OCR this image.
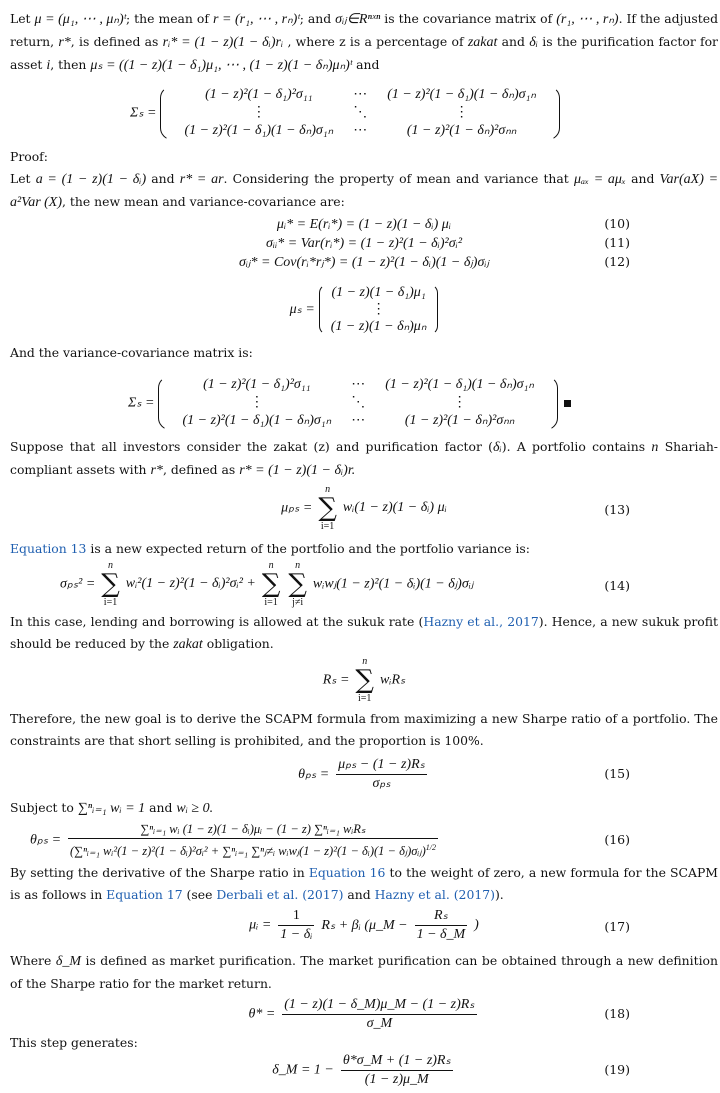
Let μ = (μ₁, ⋯ , μₙ)ᵗ; the mean of r = (r₁, ⋯ , rₙ)ᵗ; and σᵢⱼ∈Rⁿˣⁿ is the covariance matrix of (r₁, ⋯ , rₙ). If the adjusted return, r*, is defined as rᵢ* = (1 − z)(1 − δᵢ)rᵢ , where z is a percentage of zakat and δᵢ is the purification factor for asset i, then μₛ = ((1 − z)(1 − δ₁)μ₁, ⋯ , (1 − z)(1 − δₙ)μₙ)ᵗ and

Σₛ =
(1 − z)²(1 − δ₁)²σ₁₁	⋯	(1 − z)²(1 − δ₁)(1 − δₙ)σ₁ₙ
⋮	⋱	⋮
(1 − z)²(1 − δ₁)(1 − δₙ)σ₁ₙ	⋯	(1 − z)²(1 − δₙ)²σₙₙ

Proof:

Let a = (1 − z)(1 − δᵢ) and r* = ar. Considering the property of mean and variance that μₐₓ = aμₓ and Var(aX) = a²Var (X), the new mean and variance-covariance are:

μᵢ* = E(rᵢ*) = (1 − z)(1 − δᵢ) μᵢ	(10)
σᵢᵢ* = Var(rᵢ*) = (1 − z)²(1 − δᵢ)²σᵢ²	(11)
σᵢⱼ* = Cov(rᵢ*rⱼ*) = (1 − z)²(1 − δᵢ)(1 − δⱼ)σᵢⱼ	(12)
μₛ =
(1 − z)(1 − δ₁)μ₁
⋮
(1 − z)(1 − δₙ)μₙ

And the variance-covariance matrix is:

Σₛ =
(1 − z)²(1 − δ₁)²σ₁₁	⋯	(1 − z)²(1 − δ₁)(1 − δₙ)σ₁ₙ
⋮	⋱	⋮
(1 − z)²(1 − δ₁)(1 − δₙ)σ₁ₙ	⋯	(1 − z)²(1 − δₙ)²σₙₙ

Suppose that all investors consider the zakat (z) and purification factor (δᵢ). A portfolio contains n Shariah-compliant assets with r*, defined as r* = (1 − z)(1 − δᵢ)r.

μₚₛ =
n
∑
i=1
wᵢ(1 − z)(1 − δᵢ) μᵢ	(13)

Equation 13 is a new expected return of the portfolio and the portfolio variance is:

σₚₛ² =
n
∑
i=1
wᵢ²(1 − z)²(1 − δᵢ)²σᵢ² +
n
∑
i=1

n
∑
j≠i
wᵢwⱼ(1 − z)²(1 − δᵢ)(1 − δⱼ)σᵢⱼ	(14)

In this case, lending and borrowing is allowed at the sukuk rate (Hazny et al., 2017). Hence, a new sukuk profit should be reduced by the zakat obligation.

Rₛ =
n
∑
i=1
wᵢRₛ

Therefore, the new goal is to derive the SCAPM formula from maximizing a new Sharpe ratio of a portfolio. The constraints are that short selling is prohibited, and the proportion is 100%.

$\theta_{ps} = \frac{\text{μₚₛ − (1 − z)Rₛ}}{\text{σₚₛ}}$	(15)

Subject to ∑ⁿᵢ₌₁ wᵢ = 1 and wᵢ ≥ 0.

θₚₛ =
∑ⁿᵢ₌₁ wᵢ (1 − z)(1 − δᵢ)μᵢ − (1 − z) ∑ⁿᵢ₌₁ wᵢRₛ
(∑ⁿᵢ₌₁ wᵢ²(1 − z)²(1 − δᵢ)²σᵢ² + ∑ⁿᵢ₌₁ ∑ⁿⱼ≠ᵢ wᵢwⱼ(1 − z)²(1 − δᵢ)(1 − δⱼ)σᵢⱼ)$^{1/2}$
(16)

By setting the derivative of the Sharpe ratio in Equation 16 to the weight of zero, a new formula for the SCAPM is as follows in Equation 17 (see Derbali et al. (2017) and Hazny et al. (2017)).

μᵢ = $\frac{1}{\text{1 − δᵢ}}$ Rₛ + βᵢ (μ_M − $\frac{\text{Rₛ}}{1 - \delta\_M}$ )	(17)

Where δ_M is defined as market purification. The market purification can be obtained through a new definition of the Sharpe ratio for the market return.

$\theta* = \frac{\text{(1 − z)(1 − δ\_M)μ\_M − (1 − z)Rₛ}}{\sigma\_M}$	(18)

This step generates:

δ_M = $1 - \frac{\text{θ*σ\_M + (1 − z)Rₛ}}{(1 - z)\mu\_M}$	(19)
